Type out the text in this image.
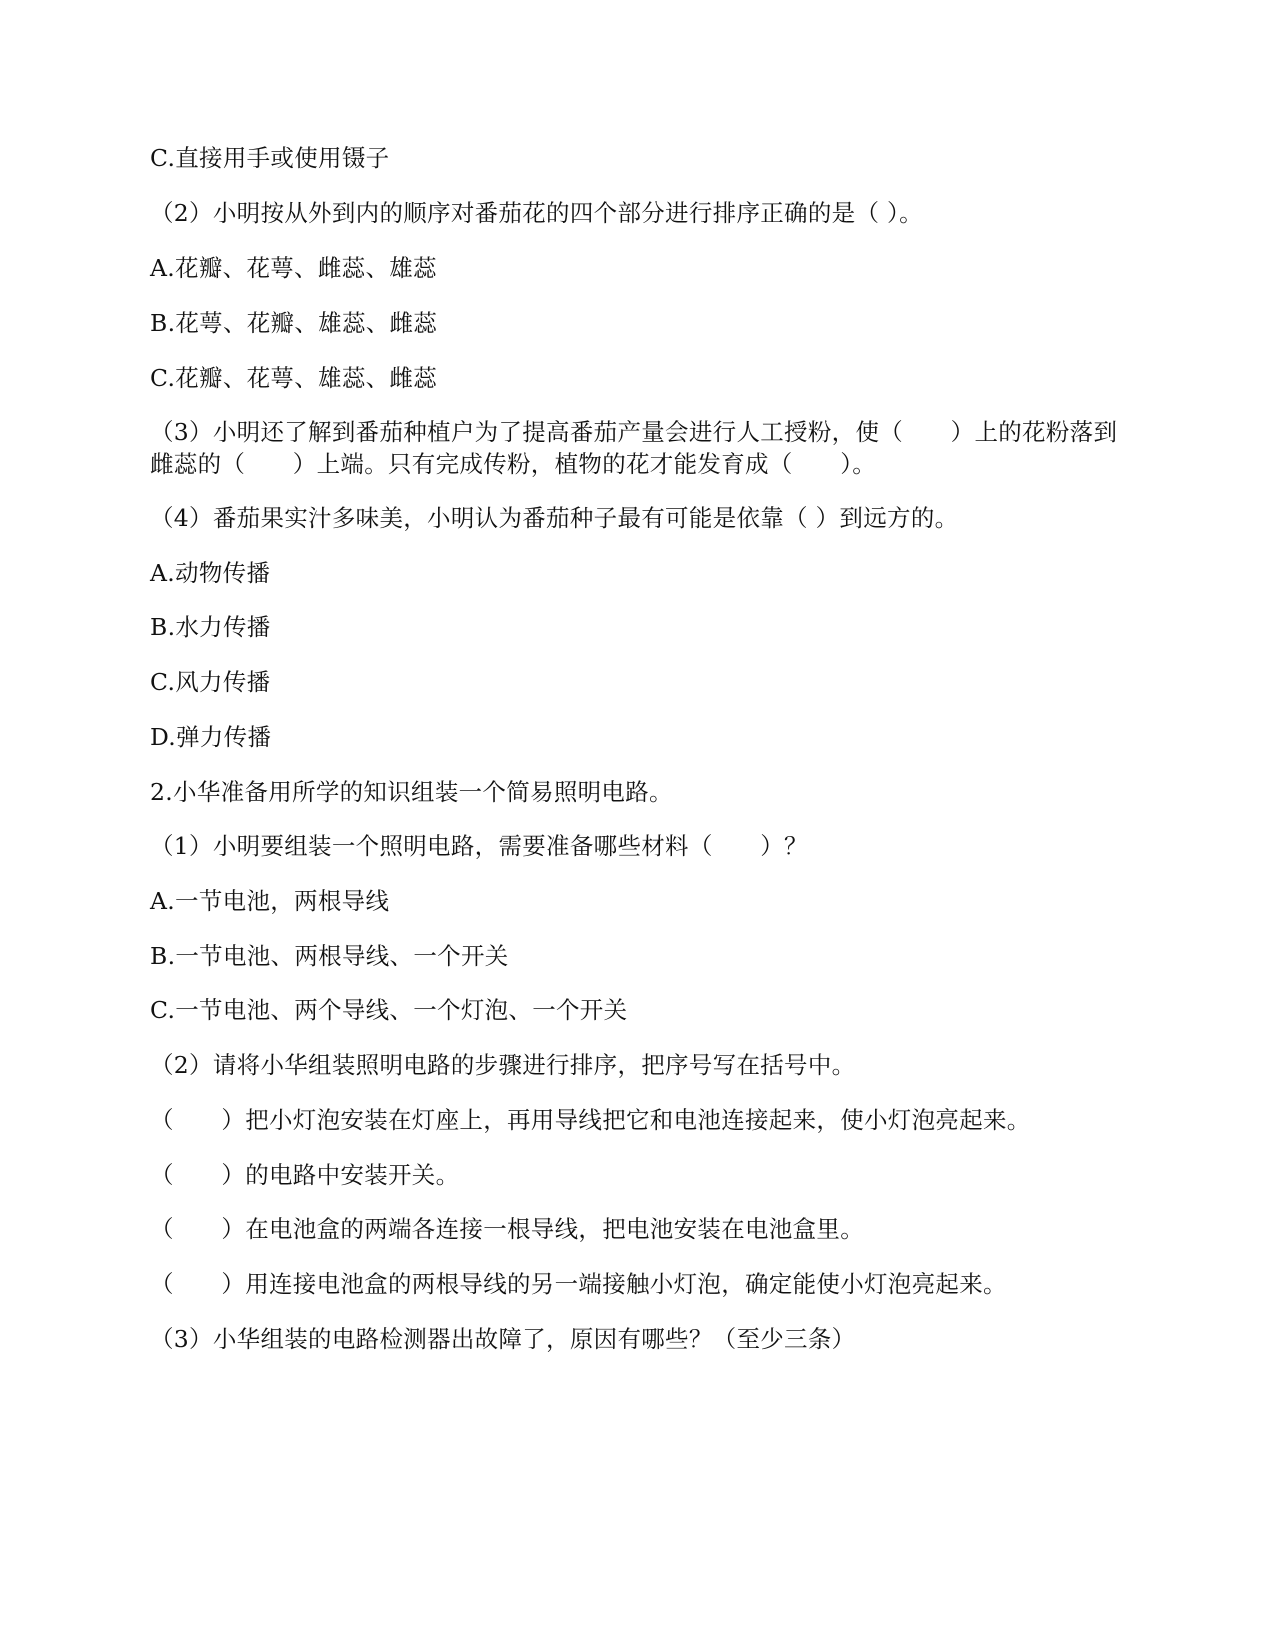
C.直接用手或使用镊子
（2）小明按从外到内的顺序对番茄花的四个部分进行排序正确的是（ ）。
A.花瓣、花萼、雌蕊、雄蕊
B.花萼、花瓣、雄蕊、雌蕊
C.花瓣、花萼、雄蕊、雌蕊
（3）小明还了解到番茄种植户为了提高番茄产量会进行人工授粉，使（　　）上的花粉落到雌蕊的（　　）上端。只有完成传粉，植物的花才能发育成（　　）。
（4）番茄果实汁多味美，小明认为番茄种子最有可能是依靠（ ）到远方的。
A.动物传播
B.水力传播
C.风力传播
D.弹力传播
2.小华准备用所学的知识组装一个简易照明电路。
（1）小明要组装一个照明电路，需要准备哪些材料（　　）？
A.一节电池，两根导线
B.一节电池、两根导线、一个开关
C.一节电池、两个导线、一个灯泡、一个开关
（2）请将小华组装照明电路的步骤进行排序，把序号写在括号中。
（　　）把小灯泡安装在灯座上，再用导线把它和电池连接起来，使小灯泡亮起来。
（　　）的电路中安装开关。
（　　）在电池盒的两端各连接一根导线，把电池安装在电池盒里。
（　　）用连接电池盒的两根导线的另一端接触小灯泡，确定能使小灯泡亮起来。
（3）小华组装的电路检测器出故障了，原因有哪些？（至少三条）
